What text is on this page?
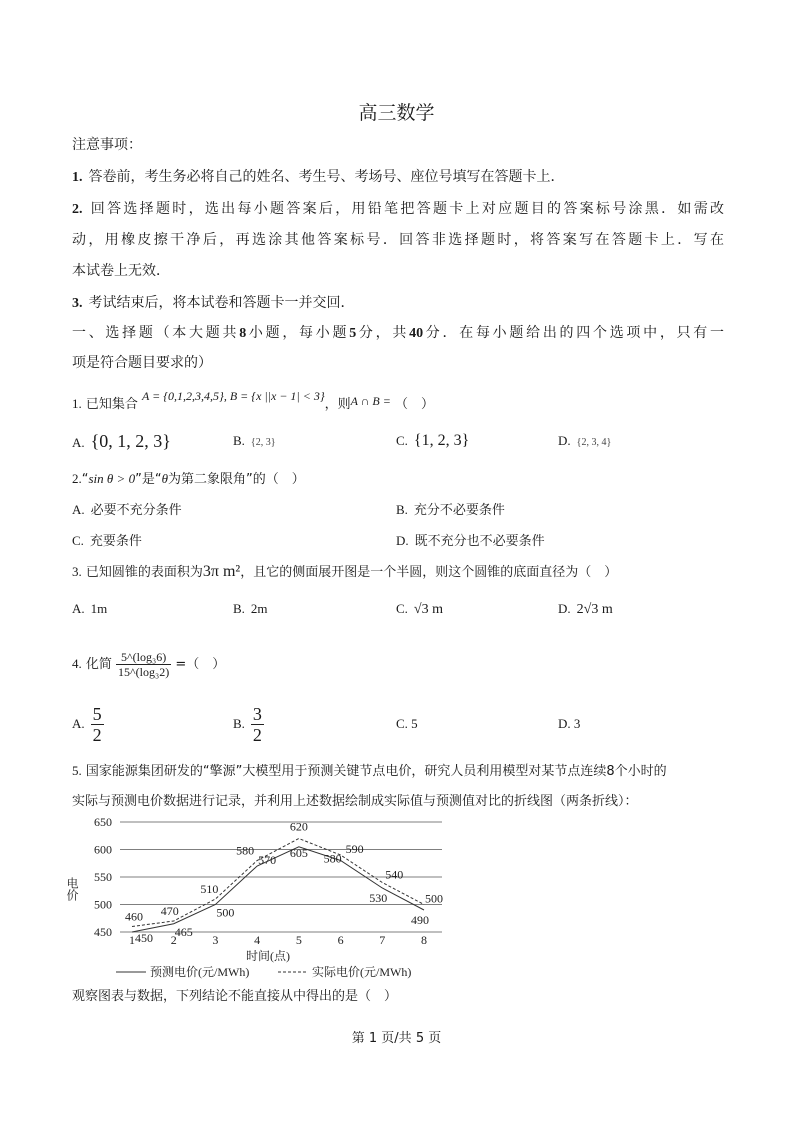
高三数学
注意事项：
1. 答卷前，考生务必将自己的姓名、考生号、考场号、座位号填写在答题卡上．
2. 回答选择题时，选出每小题答案后，用铅笔把答题卡上对应题目的答案标号涂黑．如需改
动，用橡皮擦干净后，再选涂其他答案标号．回答非选择题时，将答案写在答题卡上．写在
本试卷上无效．
3. 考试结束后，将本试卷和答题卡一并交回．
一、选择题（本大题共8小题，每小题5分，共40分．在每小题给出的四个选项中，只有一
项是符合题目要求的）
1. 已知集合 A = {0,1,2,3,4,5}, B = {x ||x − 1| < 3}，则A ∩ B = （　）
A. {0, 1, 2, 3}	B. {2, 3}	C. {1, 2, 3}	D. {2, 3, 4}
2.“sin θ > 0”是“θ为第二象限角”的（　）
A. 必要不充分条件	B. 充分不必要条件
C. 充要条件	D. 既不充分也不必要条件
3. 已知圆锥的表面积为3π m²，且它的侧面展开图是一个半圆，则这个圆锥的底面直径为（　）
A. 1m	B. 2m	C. √3 m	D. 2√3 m
4. 化简 $\frac{\text{5\textasciicircum{}(log₃6)}}{\text{15\textasciicircum{}(log₃2)}}$ =（　）
A. $\frac{5}{2}$	B. $\frac{3}{2}$	C. 5	D. 3
5. 国家能源集团研发的“擎源”大模型用于预测关键节点电价，研究人员利用模型对某节点连续8个小时的
实际与预测电价数据进行记录，并利用上述数据绘制成实际值与预测值对比的折线图（两条折线）：
450
500
550
600
650
1	2	3	4	5	6	7	8
450 465
500
570
605 580
530
490
460 470
510
580
620
590
540
500
电价
时间(点)
预测电价(元/MWh)	实际电价(元/MWh)
观察图表与数据，下列结论不能直接从中得出的是（　）
第 1 页/共 5 页
